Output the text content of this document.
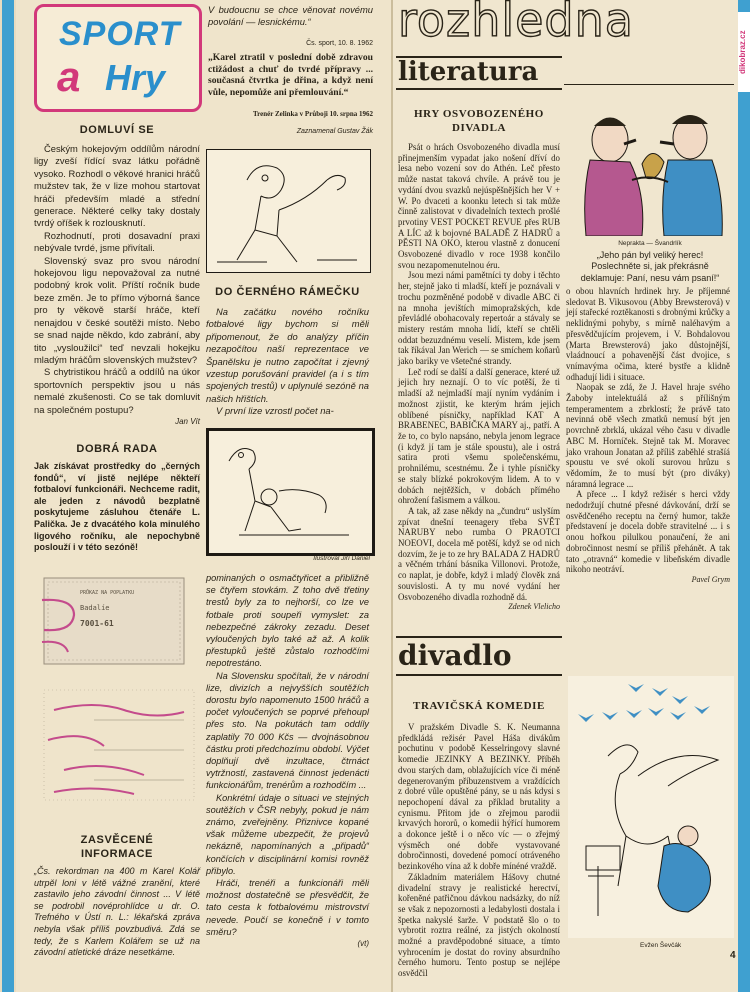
dikobraz.cz
SPORT
a Hry
V budoucnu se chce věnovat novému povolání — lesnickému.“
Čs. sport, 10. 8. 1962
„Karel ztratil v poslední době zdravou ctižádost a chuť do tvrdé přípravy ... současná čtvrtka je dřina, a když není vůle, nepomůže ani přemlouvání.“
Trenér Zelinka v Průboji 10. srpna 1962
Zaznamenal Gustav Žák
DOMLUVÍ SE
Českým hokejovým oddílům národní ligy zveší řídící svaz látku pořádně vysoko. Rozhodl o věkové hranici hráčů mužstev tak, že v lize mohou startovat hráči především mladé a střední generace. Některé celky taky dostaly tvrdý oříšek k rozlousknutí.
Rozhodnutí, proti dosavadní praxi nebývale tvrdé, jsme přivítali.
Slovenský svaz pro svou národní hokejovou ligu nepovažoval za nutné podobný krok volit. Příští ročník bude beze změn. Je to přímo výborná šance pro ty věkově starší hráče, kteří nenajdou v české soutěži místo. Nebo se snad najde někdo, kdo zabrání, aby tito „vysloužilci“ teď nevzali hokejku mladým hráčům slovenských mužstev?
S chytristikou hráčů a oddílů na úkor sportovních perspektiv jsou u nás nemalé zkušenosti. Co se tak domluvit na společném postupu?
Jan Vít
DOBRÁ RADA
Jak získávat prostředky do „černých fondů“, ví jistě nejlépe někteří fotbaloví funkcionáři. Nechceme radit, ale jeden z návodů bezplatně poskytujeme zásluhou čtenáře L. Palička. Je z dvacátého kola minulého ligového ročníku, ale nepochybně poslouží i v této sezóně!
PRŮKAZ NA POPLATKU
Badalíe
7001-61
ZASVĚCENÉ
INFORMACE
„Čs. rekordman na 400 m Karel Kolář utrpěl loni v létě vážné zranění, které zastavilo jeho závodní činnost ... V létě se podrobil novéprohlídce u dr. O. Trefného v Ústí n. L.: lékařská zpráva nebyla však příliš povzbudivá. Zdá se tedy, že s Karlem Kolářem se už na závodní atletické dráze nesetkáme.
DO ČERNÉHO RÁMEČKU
Na začátku nového ročníku fotbalové ligy bychom si měli připomenout, že do analýzy příčin nezapočítou naší reprezentace ve Španělsku je nutno započítat i zjevný vzestup porušování pravidel (a i s tím spojených trestů) v uplynulé sezóně na našich hřištích.
V první lize vzrostl počet na-
Ilustroval Jiří Daniel
pominaných o osmačtyřicet a přibližně se čtyřem stovkám. Z toho dvě třetiny trestů byly za to nejhorší, co lze ve fotbale proti soupeři vymyslet: za nebezpečné zákroky zezadu. Deset vyloučených bylo také až až. A kolik přestupků ještě zůstalo rozhodčími nepotrestáno.
Na Slovensku spočítali, že v národní lize, divizích a nejvyšších soutěžích dorostu bylo napomenuto 1500 hráčů a počet vyloučených se poprvé přehoupl přes sto. Na pokutách tam oddíly zaplatily 70 000 Kčs — dvojnásobnou částku proti předchozímu období. Výčet doplňují dvě inzultace, čtrnáct vytržností, zastavená činnost jedenácti funkcionářům, trenérům a rozhodčím ...
Konkrétní údaje o situaci ve stejných soutěžích v ČSR nebyly, pokud je nám známo, zveřejněny. Přiznivce kopané však můžeme ubezpečit, že projevů nekázně, napomínaných a „připadů“ končících v disciplinární komisi rovněž přibylo.
Hráči, trenéři a funkcionáři měli možnost dostatečně se přesvědčit, že tato cesta k fotbalovému mistrovství nevede. Poučí se konečně i v tomto směru?
(vt)
rozhledna
literatura
HRY OSVOBOZENÉHO
DIVADLA
Psát o hrách Osvobozeného divadla musí přinejmenším vypadat jako nošení dříví do lesa nebo vození sov do Athén. Leč přesto může nastat taková chvíle. A právě tou je vydání dvou svazků nejúspěšnějších her V + W. Po dvaceti a koonku letech si tak může činně zalistovat v divadelních textech prošlé prvotiny VEST POCKET REVUE přes RUB A LÍC až k bojovné BALADĚ Z HADRŮ a PĚSTI NA OKO, kterou vlastně z donucení Osvobozené divadlo v roce 1938 končilo svou nezapomenutelnou éru.
Jsou mezi námi pamětníci ty doby i těchto her, stejně jako ti mladší, kteří je poznávali v trochu pozměněné podobě v divadle ABC či na mnoha jevištích mimopražských, kde převládlé obohacovaly repertoár a stávaly se mistery restám mnoha lidí, kteří se chtěli oddat bezuzdnému veselí. Mistem, kde jsem tak říkával Jan Werich — se smíchem koňarů jako bariky ve všetečné strandy.
Leč rodí se další a další generace, které už jejich hry neznají. O to víc potěší, že ti mladší až nejmladší mají nyním vydáním i možnost zjistit, ke kterým hrám jejich oblíbené písničky, například KAT A BRABENEC, BABIČKA MARY aj., patří. A že to, co bylo napsáno, nebyla jenom legrace (i když jí tam je stále spoustu), ale i ostrá satira proti všemu společenskému, prohnilému, scestnému. Že i tyhle písničky se staly blízké pokrokovým lidem. A to v dobách nejtěžších, v dobách přímého ohrožení fašismem a válkou.
A tak, až zase někdy na „čundru“ uslyším zpívat dnešní teenagery třeba SVĚT NARUBY nebo rumba O PRAOTCI NOEOVI, docela mě potěší, když se od nich dozvím, že je to ze hry BALADA Z HADRŮ a věčném trhání básníka Villonovi. Protože, co naplat, je dobře, když i mladý člověk zná souvislosti. A ty mu nové vydání her Osvobozeného divadla rozhodně dá.
Zdenek Vlelicho
Neprakta — Švandrlík
„Jeho pán byl veliký herec! Poslechněte si, jak překrásně deklamuje: Paní, nesu vám psaní!“
o obou hlavních hrdinek hry. Je příjemné sledovat B. Vikusovou (Abby Brewsterová) v její stařecké roztěkanosti s drobnými krůčky a neklidnými pohyby, s mírně naléhavým a přesvědčujícím projevem, i V. Bohdalovou (Marta Brewsterová) jako důstojnější, vlaádnoucí a pohavenější část dvojice, s vnímavýma očima, které bystře a klidně odhadují lidi i situace.
Naopak se zdá, že J. Havel hraje svého Žaboby intelektuálá až s přílišným temperamentem a zbrklostí; že právě tato nevinná obě všech zmatků nemusí být jen povrchně zbrklá, ukázal vého času v divadle ABC M. Horníček. Stejně tak M. Moravec jako vrahoun Jonatan až příliš zaběhlé strašíá spoustu ve své okolí surovou hrůzu s vědomím, že to musí být (pro diváky) náramná legrace ...
A přece ... I když režisér s herci vždy nedodržují chutné přesné dávkování, drží se osvědčeného receptu na černý humor, takže představení je docela dobře stravitelné ... i s onou hořkou pilulkou ponaučení, že ani dobročinnost nesmí se příliš přehánět. A tak tato „otravná“ komedie v libeňském divadle nikoho neotráví.
Pavel Grym
divadlo
TRAVIČSKÁ KOMEDIE
V pražském Divadle S. K. Neumanna předkládá režisér Pavel Háša divákům pochutinu v podobě Kesselringovy slavné komedie JEZINKY A BEZINKY. Příběh dvou starých dam, oblažujících více či méně degenerovaným příbuzenstvem a vraždících z dobré vůle opuštěné pány, se u nás kdysi s nepochopení dával za příklad brutality a cynismu. Přitom jde o zřejmou parodii krvavých hororů, o komedii hýřící humorem a dokonce ještě i o něco víc — o zřejmý výsměch oné dobře vystavované dobročinnosti, dovedené pomocí otráveného bezinkového vína až k dobře mínéné vraždě.
Základním materiálem Hášovy chutné divadelní stravy je realistické herectví, kořeněné patřičnou dávkou nadsázky, do níž se však z nepozornosti a ledabylosti dostala i špetka nakyslé šarže. V podstatě šlo o to vybrotit roztra reálné, za jistých okolností možné a pravděpodobné situace, a tímto vyhrocením je dostat do roviny absurdního černého humoru. Tento postup se nejlépe osvědčil
Evžen Ševčák
4
